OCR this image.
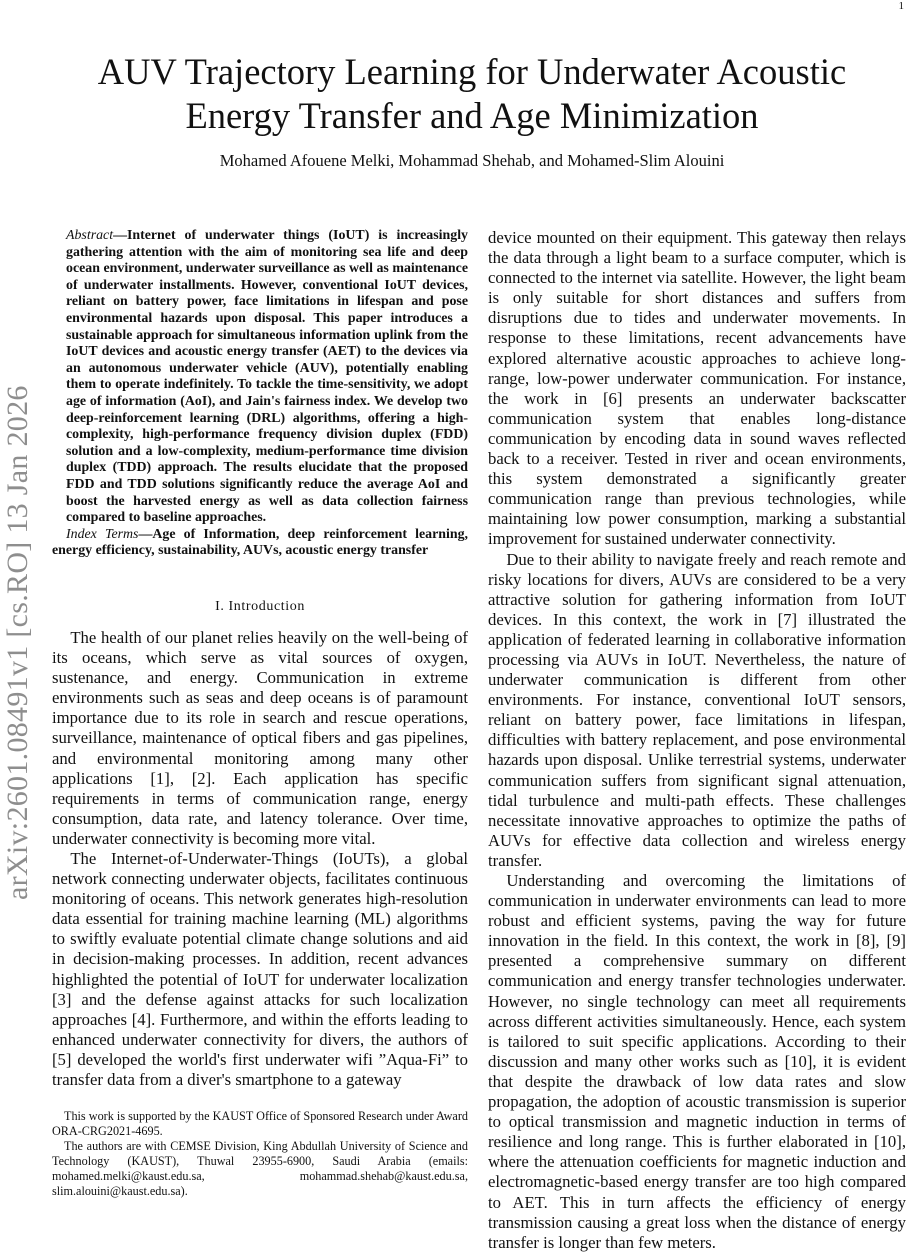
1
arXiv:2601.08491v1 [cs.RO] 13 Jan 2026
AUV Trajectory Learning for Underwater Acoustic Energy Transfer and Age Minimization
Mohamed Afouene Melki, Mohammad Shehab, and Mohamed-Slim Alouini

Abstract—Internet of underwater things (IoUT) is increasingly gathering attention with the aim of monitoring sea life and deep ocean environment, underwater surveillance as well as maintenance of underwater installments. However, conventional IoUT devices, reliant on battery power, face limitations in lifespan and pose environmental hazards upon disposal. This paper introduces a sustainable approach for simultaneous information uplink from the IoUT devices and acoustic energy transfer (AET) to the devices via an autonomous underwater vehicle (AUV), potentially enabling them to operate indefinitely. To tackle the time-sensitivity, we adopt age of information (AoI), and Jain's fairness index. We develop two deep-reinforcement learning (DRL) algorithms, offering a high-complexity, high-performance frequency division duplex (FDD) solution and a low-complexity, medium-performance time division duplex (TDD) approach. The results elucidate that the proposed FDD and TDD solutions significantly reduce the average AoI and boost the harvested energy as well as data collection fairness compared to baseline approaches.

Index Terms—Age of Information, deep reinforcement learning, energy efficiency, sustainability, AUVs, acoustic energy transfer

I. Introduction

The health of our planet relies heavily on the well-being of its oceans, which serve as vital sources of oxygen, sustenance, and energy. Communication in extreme environments such as seas and deep oceans is of paramount importance due to its role in search and rescue operations, surveillance, maintenance of optical fibers and gas pipelines, and environmental monitoring among many other applications [1], [2]. Each application has specific requirements in terms of communication range, energy consumption, data rate, and latency tolerance. Over time, underwater connectivity is becoming more vital.

The Internet-of-Underwater-Things (IoUTs), a global network connecting underwater objects, facilitates continuous monitoring of oceans. This network generates high-resolution data essential for training machine learning (ML) algorithms to swiftly evaluate potential climate change solutions and aid in decision-making processes. In addition, recent advances highlighted the potential of IoUT for underwater localization [3] and the defense against attacks for such localization approaches [4]. Furthermore, and within the efforts leading to enhanced underwater connectivity for divers, the authors of [5] developed the world's first underwater wifi ”Aqua-Fi” to transfer data from a diver's smartphone to a gateway

device mounted on their equipment. This gateway then relays the data through a light beam to a surface computer, which is connected to the internet via satellite. However, the light beam is only suitable for short distances and suffers from disruptions due to tides and underwater movements. In response to these limitations, recent advancements have explored alternative acoustic approaches to achieve long-range, low-power underwater communication. For instance, the work in [6] presents an underwater backscatter communication system that enables long-distance communication by encoding data in sound waves reflected back to a receiver. Tested in river and ocean environments, this system demonstrated a significantly greater communication range than previous technologies, while maintaining low power consumption, marking a substantial improvement for sustained underwater connectivity.

Due to their ability to navigate freely and reach remote and risky locations for divers, AUVs are considered to be a very attractive solution for gathering information from IoUT devices. In this context, the work in [7] illustrated the application of federated learning in collaborative information processing via AUVs in IoUT. Nevertheless, the nature of underwater communication is different from other environments. For instance, conventional IoUT sensors, reliant on battery power, face limitations in lifespan, difficulties with battery replacement, and pose environmental hazards upon disposal. Unlike terrestrial systems, underwater communication suffers from significant signal attenuation, tidal turbulence and multi-path effects. These challenges necessitate innovative approaches to optimize the paths of AUVs for effective data collection and wireless energy transfer.

Understanding and overcoming the limitations of communication in underwater environments can lead to more robust and efficient systems, paving the way for future innovation in the field. In this context, the work in [8], [9] presented a comprehensive summary on different communication and energy transfer technologies underwater. However, no single technology can meet all requirements across different activities simultaneously. Hence, each system is tailored to suit specific applications. According to their discussion and many other works such as [10], it is evident that despite the drawback of low data rates and slow propagation, the adoption of acoustic transmission is superior to optical transmission and magnetic induction in terms of resilience and long range. This is further elaborated in [10], where the attenuation coefficients for magnetic induction and electromagnetic-based energy transfer are too high compared to AET. This in turn affects the efficiency of energy transmission causing a great loss when the distance of energy transfer is longer than few meters.

This work is supported by the KAUST Office of Sponsored Research under Award ORA-CRG2021-4695.

The authors are with CEMSE Division, King Abdullah University of Science and Technology (KAUST), Thuwal 23955-6900, Saudi Arabia (emails: mohamed.melki@kaust.edu.sa, mohammad.shehab@kaust.edu.sa, slim.alouini@kaust.edu.sa).
